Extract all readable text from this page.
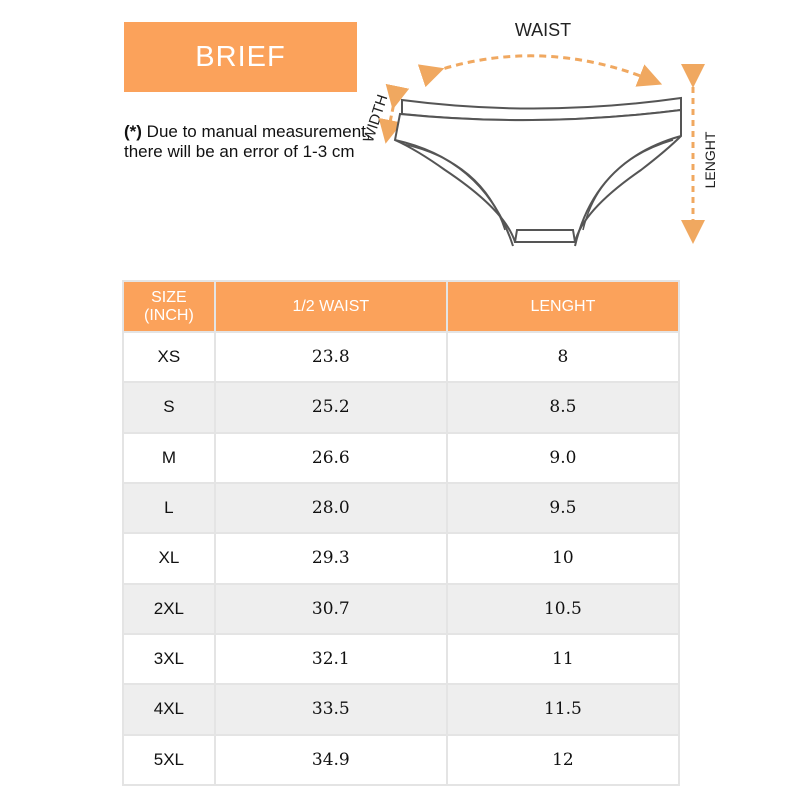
BRIEF
(*) Due to manual measurement, there will be an error of 1-3 cm
WAIST
WIDTH
LENGHT
SIZE
(INCH)	1/2 WAIST	LENGHT
XS	23.8	8
S	25.2	8.5
M	26.6	9.0
L	28.0	9.5
XL	29.3	10
2XL	30.7	10.5
3XL	32.1	11
4XL	33.5	11.5
5XL	34.9	12
